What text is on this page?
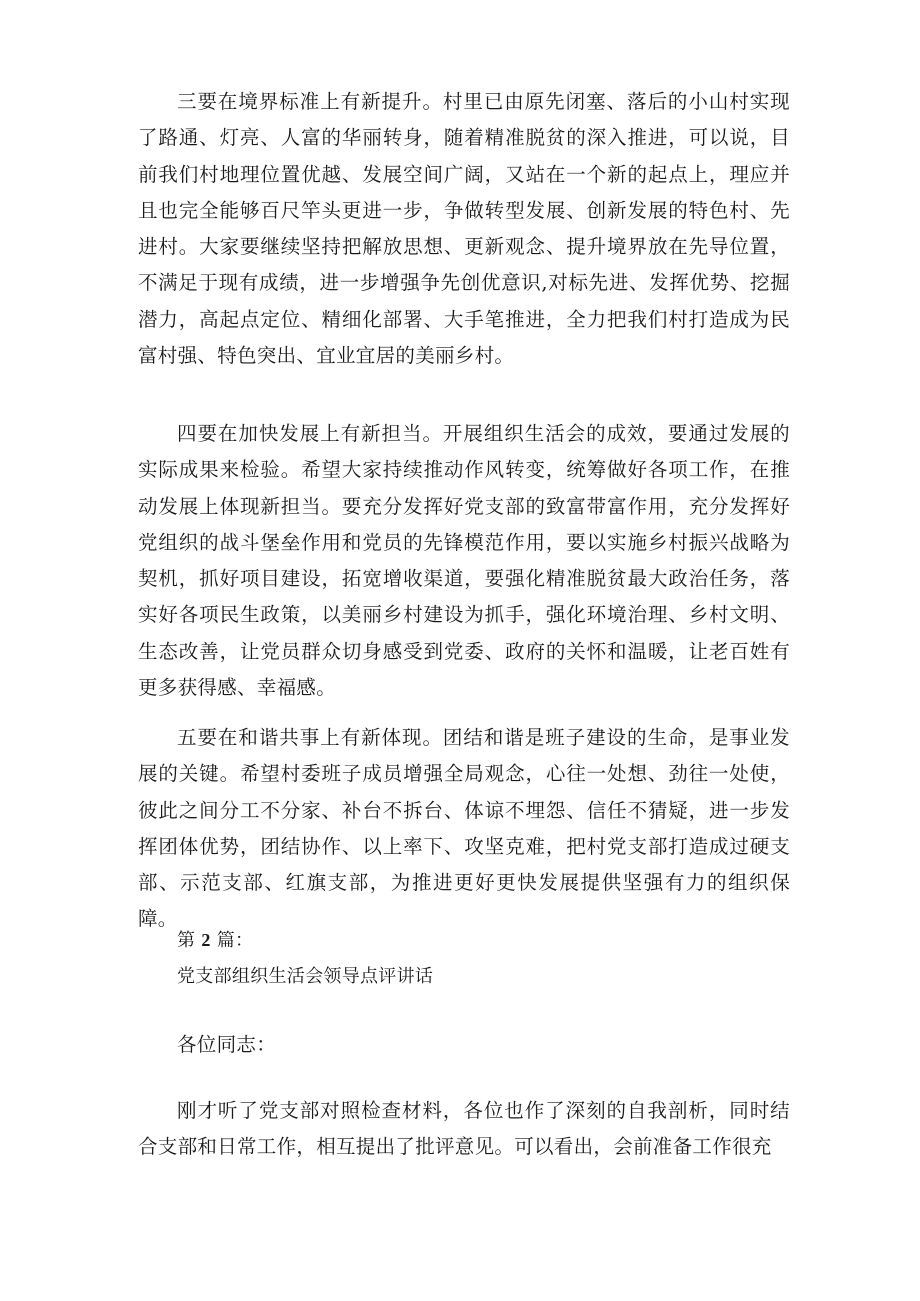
三要在境界标准上有新提升。村里已由原先闭塞、落后的小山村实现了路通、灯亮、人富的华丽转身，随着精准脱贫的深入推进，可以说，目前我们村地理位置优越、发展空间广阔，又站在一个新的起点上，理应并且也完全能够百尺竿头更进一步，争做转型发展、创新发展的特色村、先进村。大家要继续坚持把解放思想、更新观念、提升境界放在先导位置，不满足于现有成绩，进一步增强争先创优意识,对标先进、发挥优势、挖掘潜力，高起点定位、精细化部署、大手笔推进，全力把我们村打造成为民富村强、特色突出、宜业宜居的美丽乡村。

四要在加快发展上有新担当。开展组织生活会的成效，要通过发展的实际成果来检验。希望大家持续推动作风转变，统筹做好各项工作，在推动发展上体现新担当。要充分发挥好党支部的致富带富作用，充分发挥好党组织的战斗堡垒作用和党员的先锋模范作用，要以实施乡村振兴战略为契机，抓好项目建设，拓宽增收渠道，要强化精准脱贫最大政治任务，落实好各项民生政策，以美丽乡村建设为抓手，强化环境治理、乡村文明、生态改善，让党员群众切身感受到党委、政府的关怀和温暖，让老百姓有更多获得感、幸福感。

五要在和谐共事上有新体现。团结和谐是班子建设的生命，是事业发展的关键。希望村委班子成员增强全局观念，心往一处想、劲往一处使，彼此之间分工不分家、补台不拆台、体谅不埋怨、信任不猜疑，进一步发挥团体优势，团结协作、以上率下、攻坚克难，把村党支部打造成过硬支部、示范支部、红旗支部，为推进更好更快发展提供坚强有力的组织保障。

第 2 篇：
党支部组织生活会领导点评讲话

各位同志：

刚才听了党支部对照检查材料，各位也作了深刻的自我剖析，同时结合支部和日常工作，相互提出了批评意见。可以看出，会前准备工作很充
